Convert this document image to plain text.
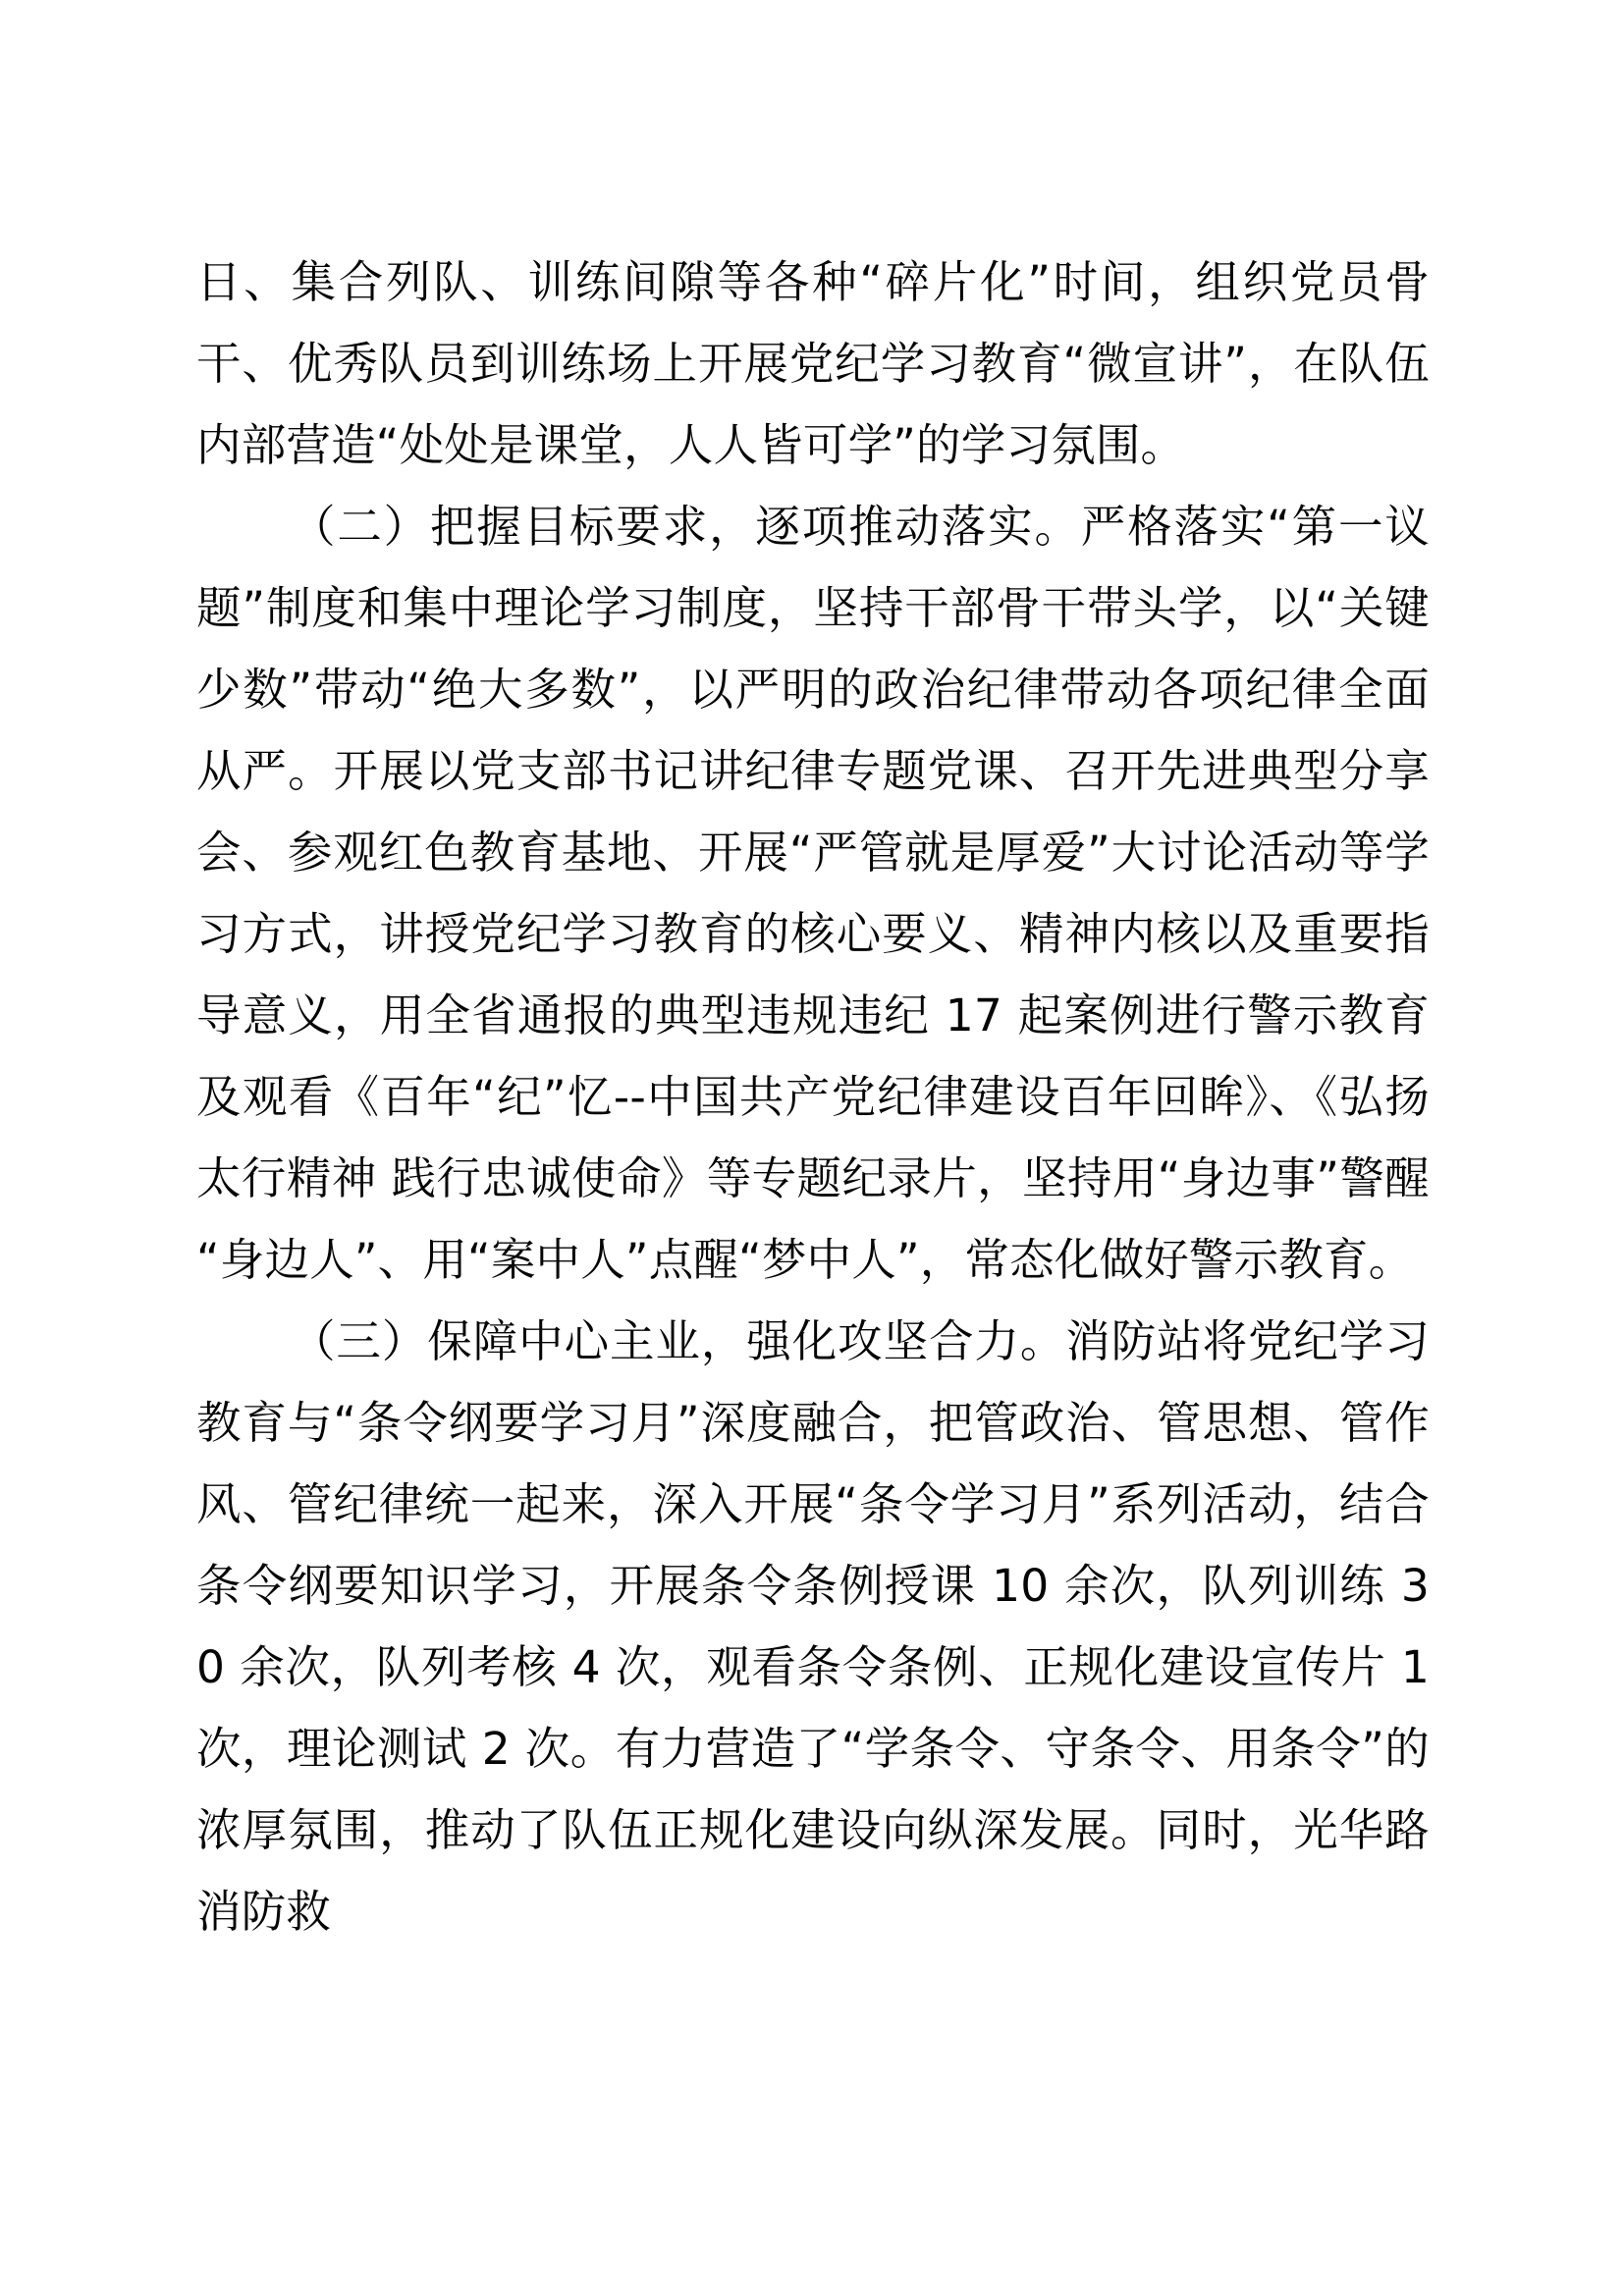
日、集合列队、训练间隙等各种“碎片化”时间，组织党员骨干、优秀队员到训练场上开展党纪学习教育“微宣讲”，在队伍内部营造“处处是课堂，人人皆可学”的学习氛围。

（二）把握目标要求，逐项推动落实。严格落实“第一议题”制度和集中理论学习制度，坚持干部骨干带头学，以“关键少数”带动“绝大多数”，以严明的政治纪律带动各项纪律全面从严。开展以党支部书记讲纪律专题党课、召开先进典型分享会、参观红色教育基地、开展“严管就是厚爱”大讨论活动等学习方式，讲授党纪学习教育的核心要义、精神内核以及重要指导意义，用全省通报的典型违规违纪 17 起案例进行警示教育及观看《百年“纪”忆--中国共产党纪律建设百年回眸》、《弘扬太行精神 践行忠诚使命》等专题纪录片，坚持用“身边事”警醒“身边人”、用“案中人”点醒“梦中人”，常态化做好警示教育。

（三）保障中心主业，强化攻坚合力。消防站将党纪学习教育与“条令纲要学习月”深度融合，把管政治、管思想、管作风、管纪律统一起来，深入开展“条令学习月”系列活动，结合条令纲要知识学习，开展条令条例授课 10 余次，队列训练 30 余次，队列考核 4 次，观看条令条例、正规化建设宣传片 1 次，理论测试 2 次。有力营造了“学条令、守条令、用条令”的浓厚氛围，推动了队伍正规化建设向纵深发展。同时，光华路消防救
